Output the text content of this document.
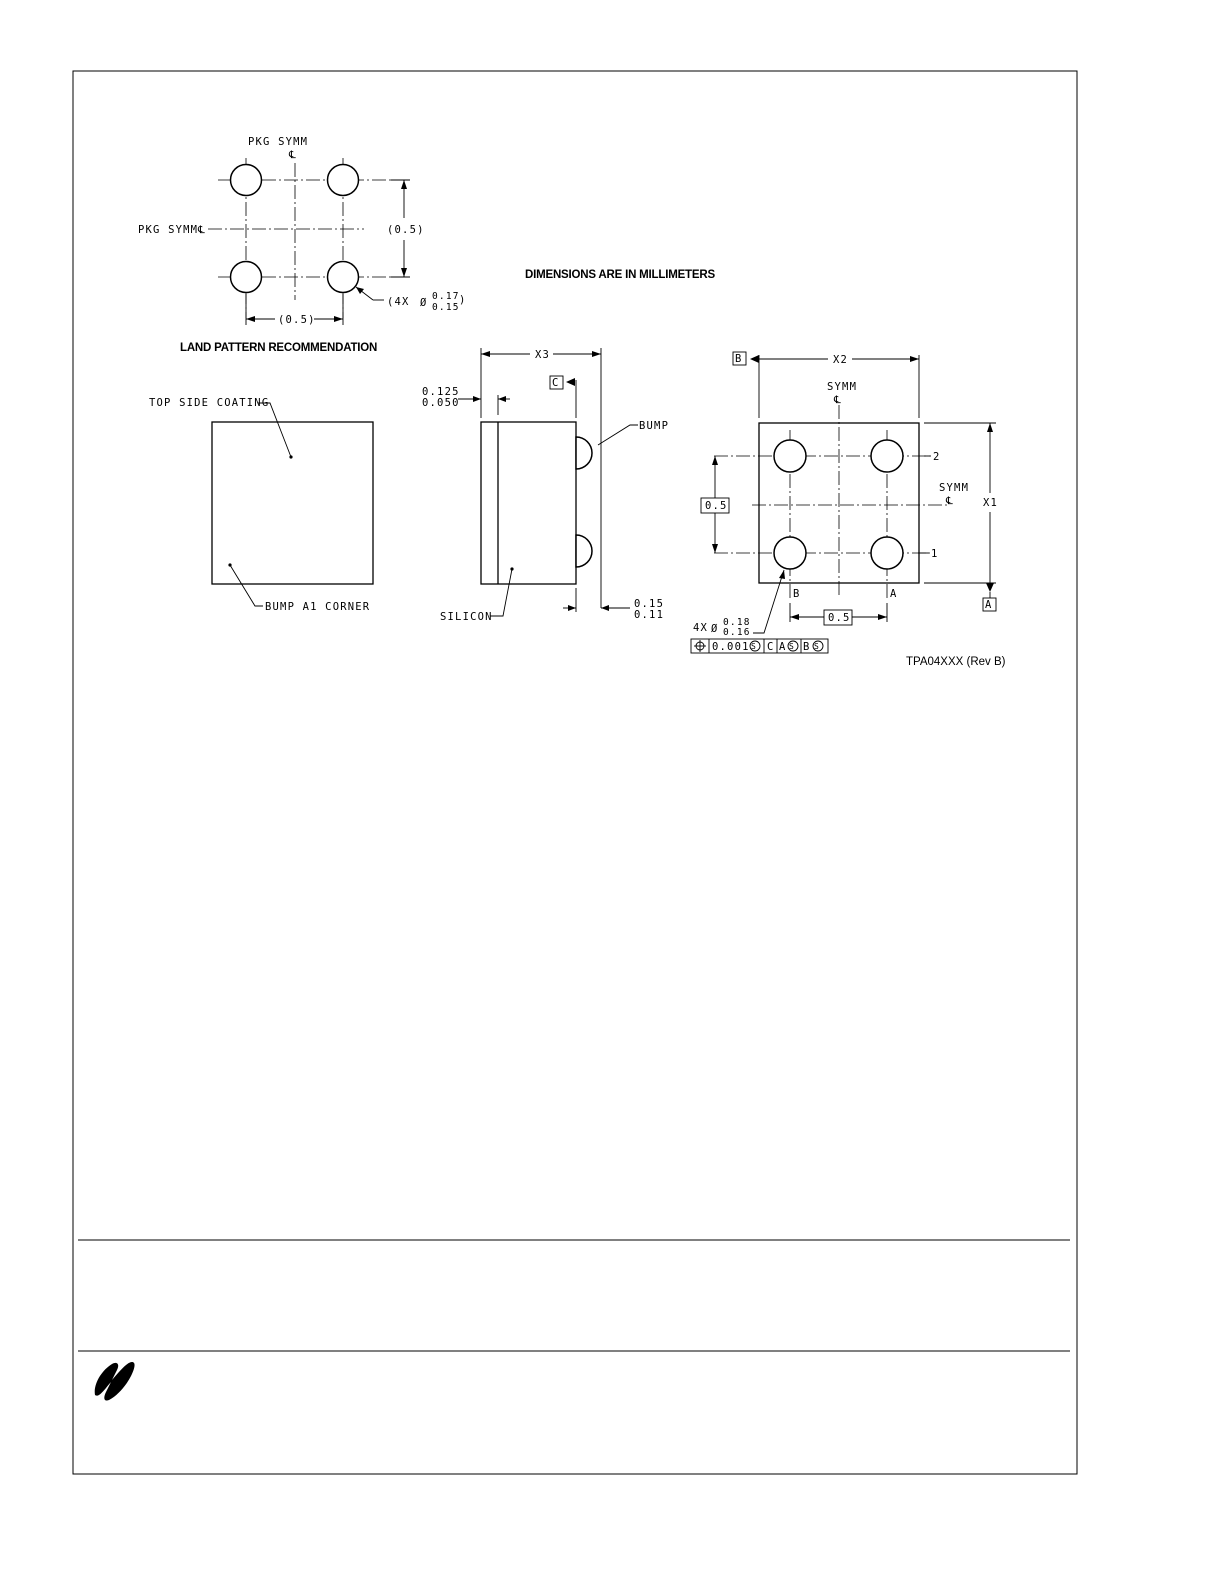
DIMENSIONS ARE IN MILLIMETERS
TPA04XXX (Rev B)
PKG SYMM
℄
PKG SYMM ℄	(0.5)
(0.5)
(4X Ø
0.17
0.15
)
LAND PATTERN RECOMMENDATION
TOP SIDE COATING
BUMP A1 CORNER
X3
0.125
0.050
C
BUMP
SILICON
0.15
0.11
B	X2
SYMM
℄
SYMM
℄	X1
A
2
1
B	A
0.5
0.5
4X Ø
0.18
0.16
0.001 S C A S B S
